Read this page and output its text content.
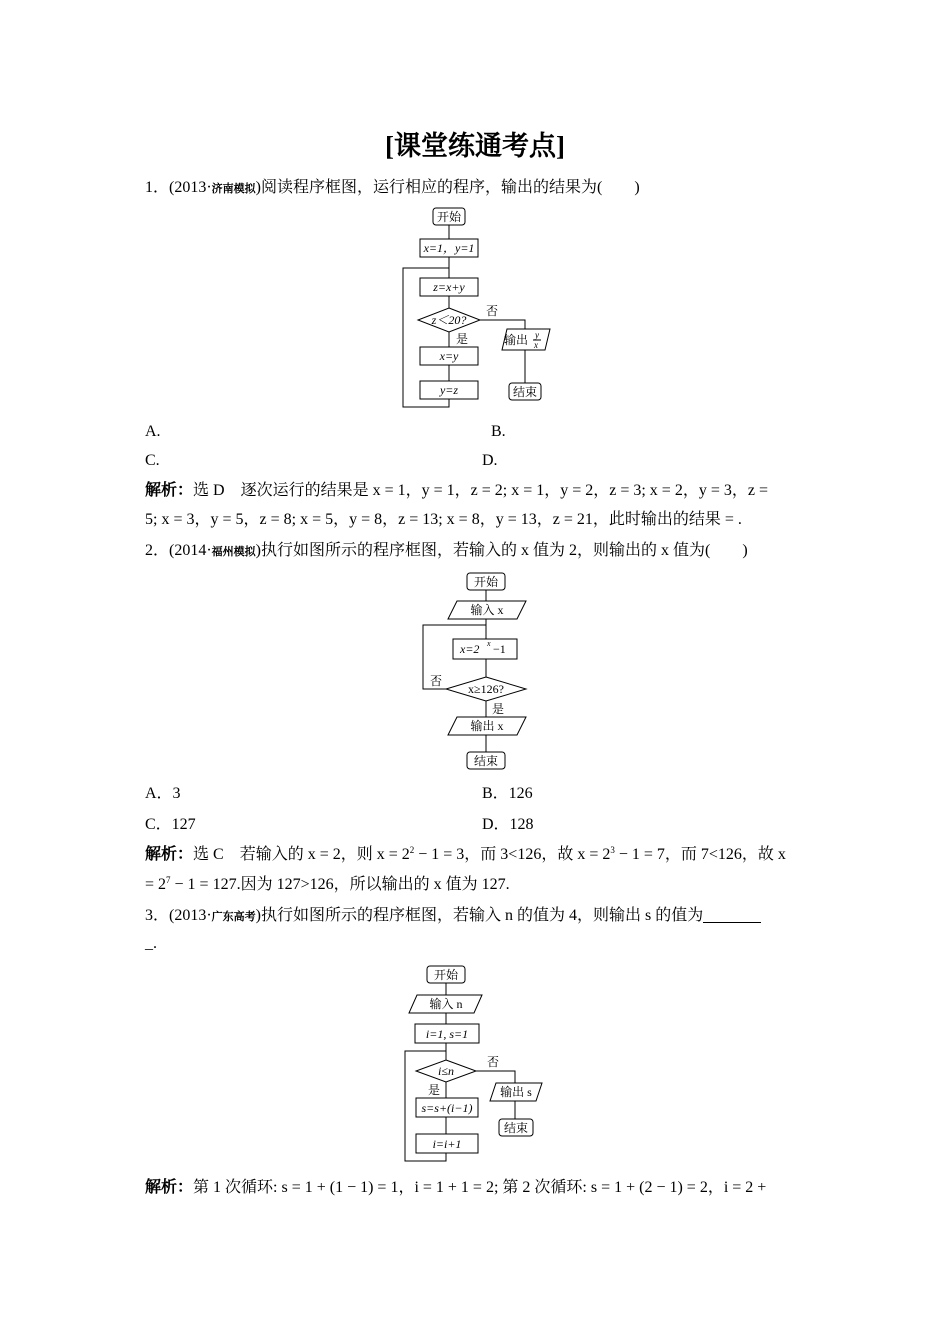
[课堂练通考点]
1．(2013·济南模拟)阅读程序框图，运行相应的程序，输出的结果为(　　)
开始
x=1，y=1
z=x+y
z＜20?
是
x=y
y=z
否
输出 y
x
结束
A.	B.
C.	D.
解析：选 D　逐次运行的结果是 x = 1，y = 1，z = 2; x = 1，y = 2，z = 3; x = 2，y = 3，z =
5; x = 3，y = 5，z = 8; x = 5，y = 8，z = 13; x = 8，y = 13，z = 21，此时输出的结果 = .
2．(2014·福州模拟)执行如图所示的程序框图，若输入的 x 值为 2，则输出的 x 值为(　　)
开始
输入 x
x=2 x −1
x≥126?
否
是
输出 x
结束
A．3	B．126
C．127	D．128
解析：选 C　若输入的 x = 2，则 $x = 2^2 - 1 = 3$，而 3<126，故 $x = 2^3 - 1 = 7$，而 7<126，故 x
= $2^7 - 1 = 127$.因为 127>126，所以输出的 x 值为 127.
3．(2013·广东高考)执行如图所示的程序框图，若输入 n 的值为 4，则输出 s 的值为
_.
开始
输入 n
i=1, s=1
i≤n
是
s=s+(i−1)
i=i+1
否
输出 s
结束
解析：第 1 次循环: s = 1 + (1 − 1) = 1，i = 1 + 1 = 2; 第 2 次循环: s = 1 + (2 − 1) = 2，i = 2 +
